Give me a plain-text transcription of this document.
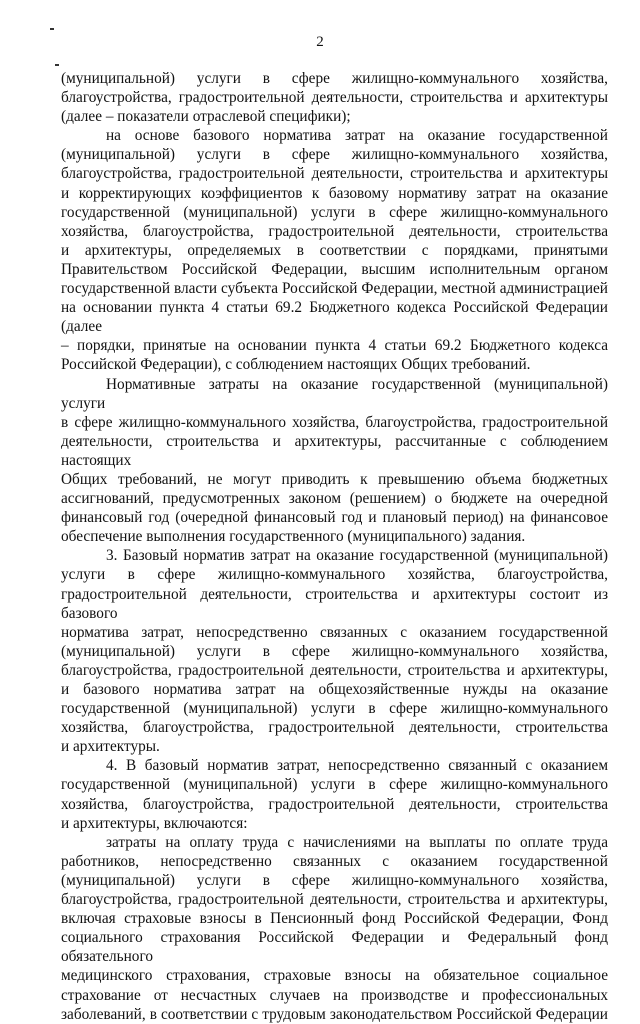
2

(муниципальной) услуги в сфере жилищно-коммунального хозяйства,
благоустройства, градостроительной деятельности, строительства и архитектуры
(далее – показатели отраслевой специфики);

на основе базового норматива затрат на оказание государственной
(муниципальной) услуги в сфере жилищно-коммунального хозяйства,
благоустройства, градостроительной деятельности, строительства и архитектуры
и корректирующих коэффициентов к базовому нормативу затрат на оказание
государственной (муниципальной) услуги в сфере жилищно-коммунального
хозяйства, благоустройства, градостроительной деятельности, строительства
и архитектуры, определяемых в соответствии с порядками, принятыми
Правительством Российской Федерации, высшим исполнительным органом
государственной власти субъекта Российской Федерации, местной администрацией
на основании пункта 4 статьи 69.2 Бюджетного кодекса Российской Федерации (далее
– порядки, принятые на основании пункта 4 статьи 69.2 Бюджетного кодекса
Российской Федерации), с соблюдением настоящих Общих требований.

Нормативные затраты на оказание государственной (муниципальной) услуги
в сфере жилищно-коммунального хозяйства, благоустройства, градостроительной
деятельности, строительства и архитектуры, рассчитанные с соблюдением настоящих
Общих требований, не могут приводить к превышению объема бюджетных
ассигнований, предусмотренных законом (решением) о бюджете на очередной
финансовый год (очередной финансовый год и плановый период) на финансовое
обеспечение выполнения государственного (муниципального) задания.

3. Базовый норматив затрат на оказание государственной (муниципальной)
услуги в сфере жилищно-коммунального хозяйства, благоустройства,
градостроительной деятельности, строительства и архитектуры состоит из базового
норматива затрат, непосредственно связанных с оказанием государственной
(муниципальной) услуги в сфере жилищно-коммунального хозяйства,
благоустройства, градостроительной деятельности, строительства и архитектуры,
и базового норматива затрат на общехозяйственные нужды на оказание
государственной (муниципальной) услуги в сфере жилищно-коммунального
хозяйства, благоустройства, градостроительной деятельности, строительства
и архитектуры.

4. В базовый норматив затрат, непосредственно связанный с оказанием
государственной (муниципальной) услуги в сфере жилищно-коммунального
хозяйства, благоустройства, градостроительной деятельности, строительства
и архитектуры, включаются:

затраты на оплату труда с начислениями на выплаты по оплате труда
работников, непосредственно связанных с оказанием государственной
(муниципальной) услуги в сфере жилищно-коммунального хозяйства,
благоустройства, градостроительной деятельности, строительства и архитектуры,
включая страховые взносы в Пенсионный фонд Российской Федерации, Фонд
социального страхования Российской Федерации и Федеральный фонд обязательного
медицинского страхования, страховые взносы на обязательное социальное
страхование от несчастных случаев на производстве и профессиональных
заболеваний, в соответствии с трудовым законодательством Российской Федерации
